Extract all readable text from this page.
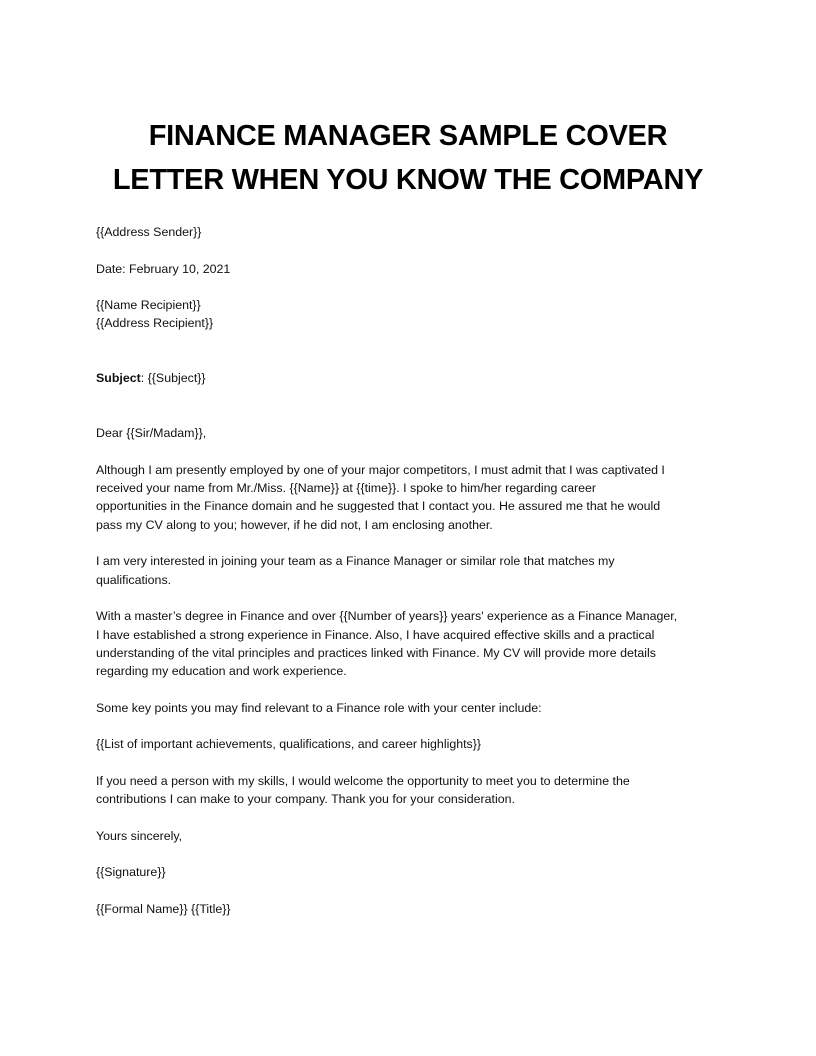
FINANCE MANAGER SAMPLE COVER
LETTER WHEN YOU KNOW THE COMPANY

{{Address Sender}}

Date: February 10, 2021

{{Name Recipient}}

{{Address Recipient}}

Subject: {{Subject}}

Dear {{Sir/Madam}},

Although I am presently employed by one of your major competitors, I must admit that I was captivated I
received your name from Mr./Miss. {{Name}} at {{time}}. I spoke to him/her regarding career
opportunities in the Finance domain and he suggested that I contact you. He assured me that he would
pass my CV along to you; however, if he did not, I am enclosing another.

I am very interested in joining your team as a Finance Manager or similar role that matches my
qualifications.

With a master’s degree in Finance and over {{Number of years}} years' experience as a Finance Manager,
I have established a strong experience in Finance. Also, I have acquired effective skills and a practical
understanding of the vital principles and practices linked with Finance. My CV will provide more details
regarding my education and work experience.

Some key points you may find relevant to a Finance role with your center include:

{{List of important achievements, qualifications, and career highlights}}

If you need a person with my skills, I would welcome the opportunity to meet you to determine the
contributions I can make to your company. Thank you for your consideration.

Yours sincerely,

{{Signature}}

{{Formal Name}} {{Title}}
